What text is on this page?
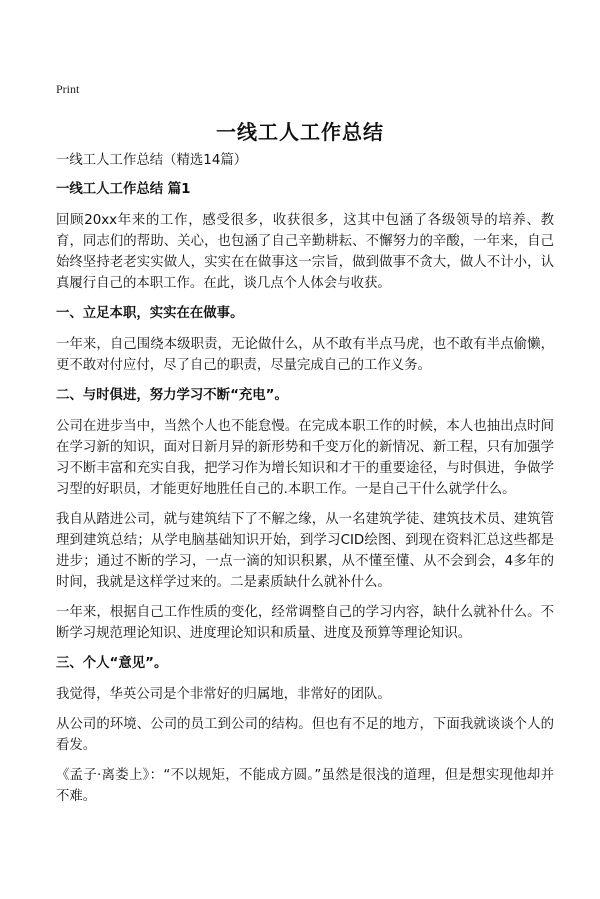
Print
一线工人工作总结

一线工人工作总结（精选14篇）

一线工人工作总结 篇1

回顾20xx年来的工作，感受很多，收获很多，这其中包涵了各级领导的培养、教育，同志们的帮助、关心，也包涵了自己辛勤耕耘、不懈努力的辛酸，一年来，自己始终坚持老老实实做人，实实在在做事这一宗旨，做到做事不贪大，做人不计小，认真履行自己的本职工作。在此，谈几点个人体会与收获。

一、立足本职，实实在在做事。

一年来，自己围绕本级职责，无论做什么，从不敢有半点马虎，也不敢有半点偷懒，更不敢对付应付，尽了自己的职责，尽量完成自己的工作义务。

二、与时俱进，努力学习不断“充电”。

公司在进步当中，当然个人也不能怠慢。在完成本职工作的时候，本人也抽出点时间在学习新的知识，面对日新月异的新形势和千变万化的新情况、新工程，只有加强学习不断丰富和充实自我，把学习作为增长知识和才干的重要途径，与时俱进，争做学习型的好职员，才能更好地胜任自己的.本职工作。一是自己干什么就学什么。

我自从踏进公司，就与建筑结下了不解之缘，从一名建筑学徒、建筑技术员、建筑管理到建筑总结；从学电脑基础知识开始，到学习CID绘图、到现在资料汇总这些都是进步；通过不断的学习，一点一滴的知识积累，从不懂至懂、从不会到会，4多年的时间，我就是这样学过来的。二是素质缺什么就补什么。

一年来，根据自己工作性质的变化，经常调整自己的学习内容，缺什么就补什么。不断学习规范理论知识、进度理论知识和质量、进度及预算等理论知识。

三、个人“意见”。

我觉得，华英公司是个非常好的归属地，非常好的团队。

从公司的环境、公司的员工到公司的结构。但也有不足的地方，下面我就谈谈个人的看发。

《孟子·离娄上》：“不以规矩，不能成方圆。”虽然是很浅的道理，但是想实现他却并不难。
